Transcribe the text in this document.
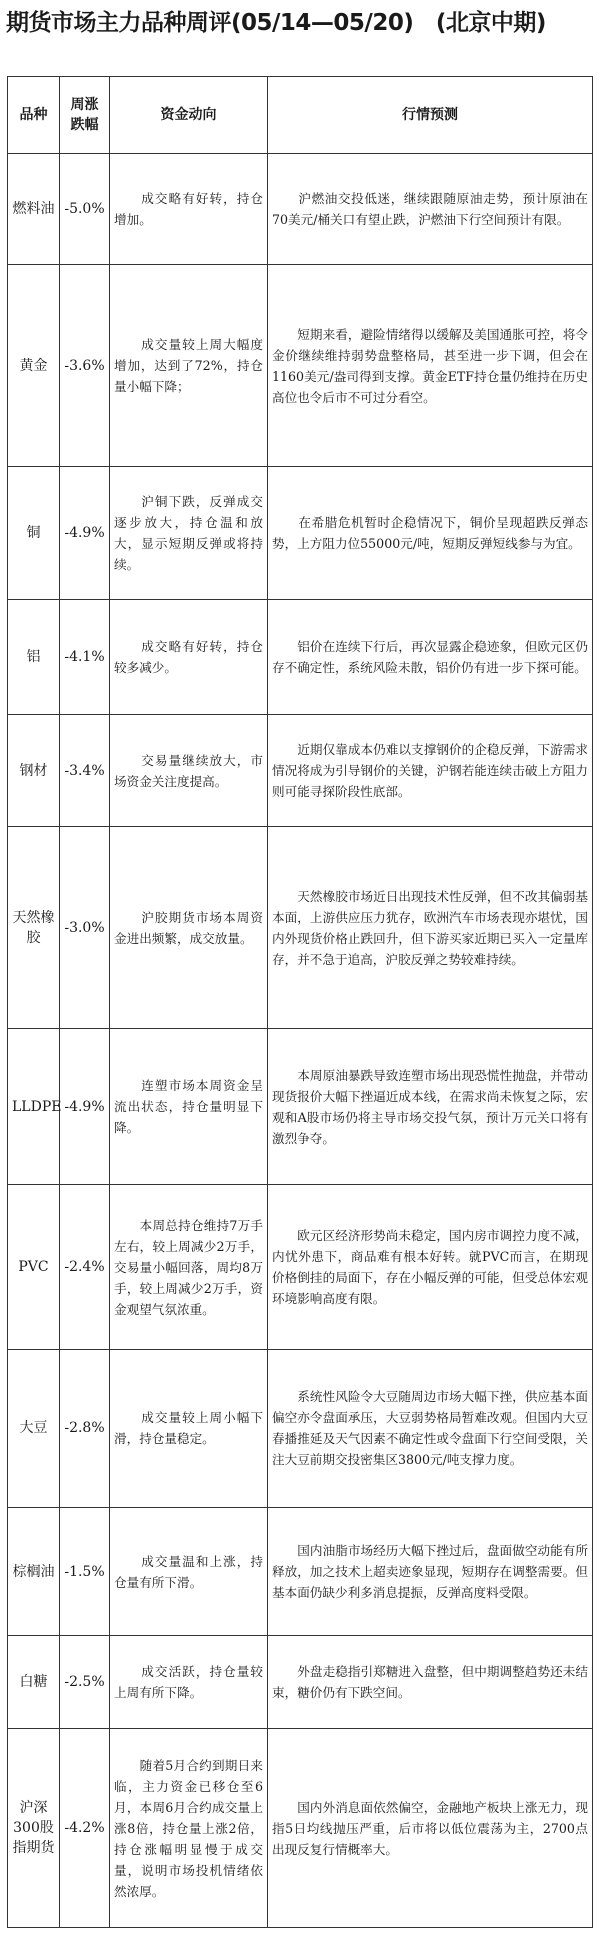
期货市场主力品种周评(05/14—05/20)　(北京中期)
品种	周涨跌幅	资金动向	行情预测
燃料油	-5.0%	　　成交略有好转，持仓增加。	　　沪燃油交投低迷，继续跟随原油走势，预计原油在70美元/桶关口有望止跌，沪燃油下行空间预计有限。
黄金	-3.6%	　　成交量较上周大幅度增加，达到了72%，持仓量小幅下降；	　　短期来看，避险情绪得以缓解及美国通胀可控，将令金价继续维持弱势盘整格局，甚至进一步下调，但会在1160美元/盎司得到支撑。黄金ETF持仓量仍维持在历史高位也令后市不可过分看空。
铜	-4.9%	　　沪铜下跌，反弹成交逐步放大，持仓温和放大，显示短期反弹或将持续。	　　在希腊危机暂时企稳情况下，铜价呈现超跌反弹态势，上方阻力位55000元/吨，短期反弹短线参与为宜。
铝	-4.1%	　　成交略有好转，持仓较多减少。	　　铝价在连续下行后，再次显露企稳迹象，但欧元区仍存不确定性，系统风险未散，铝价仍有进一步下探可能。
钢材	-3.4%	　　交易量继续放大，市场资金关注度提高。	　　近期仅靠成本仍难以支撑钢价的企稳反弹，下游需求情况将成为引导钢价的关键，沪钢若能连续击破上方阻力则可能寻探阶段性底部。
天然橡胶	-3.0%	　　沪胶期货市场本周资金进出频繁，成交放量。	　　天然橡胶市场近日出现技术性反弹，但不改其偏弱基本面，上游供应压力犹存，欧洲汽车市场表现亦堪忧，国内外现货价格止跌回升，但下游买家近期已买入一定量库存，并不急于追高，沪胶反弹之势较难持续。
LLDPE	-4.9%	　　连塑市场本周资金呈流出状态，持仓量明显下降。	　　本周原油暴跌导致连塑市场出现恐慌性抛盘，并带动现货报价大幅下挫逼近成本线，在需求尚未恢复之际，宏观和A股市场仍将主导市场交投气氛，预计万元关口将有激烈争夺。
PVC	-2.4%	　　本周总持仓维持7万手左右，较上周减少2万手，交易量小幅回落，周均8万手，较上周减少2万手，资金观望气氛浓重。	　　欧元区经济形势尚未稳定，国内房市调控力度不减，内忧外患下，商品难有根本好转。就PVC而言，在期现价格倒挂的局面下，存在小幅反弹的可能，但受总体宏观环境影响高度有限。
大豆	-2.8%	　　成交量较上周小幅下滑，持仓量稳定。	　　系统性风险令大豆随周边市场大幅下挫，供应基本面偏空亦令盘面承压，大豆弱势格局暂难改观。但国内大豆春播推延及天气因素不确定性或令盘面下行空间受限，关注大豆前期交投密集区3800元/吨支撑力度。
棕榈油	-1.5%	　　成交量温和上涨，持仓量有所下滑。	　　国内油脂市场经历大幅下挫过后，盘面做空动能有所释放，加之技术上超卖迹象显现，短期存在调整需要。但基本面仍缺少利多消息提振，反弹高度料受限。
白糖	-2.5%	　　成交活跃，持仓量较上周有所下降。	　　外盘走稳指引郑糖进入盘整，但中期调整趋势还未结束，糖价仍有下跌空间。
沪深300股指期货	-4.2%	　　随着5月合约到期日来临，主力资金已移仓至6月，本周6月合约成交量上涨8倍，持仓量上涨2倍，持仓涨幅明显慢于成交量，说明市场投机情绪依然浓厚。	　　国内外消息面依然偏空，金融地产板块上涨无力，现指5日均线抛压严重，后市将以低位震荡为主，2700点出现反复行情概率大。
